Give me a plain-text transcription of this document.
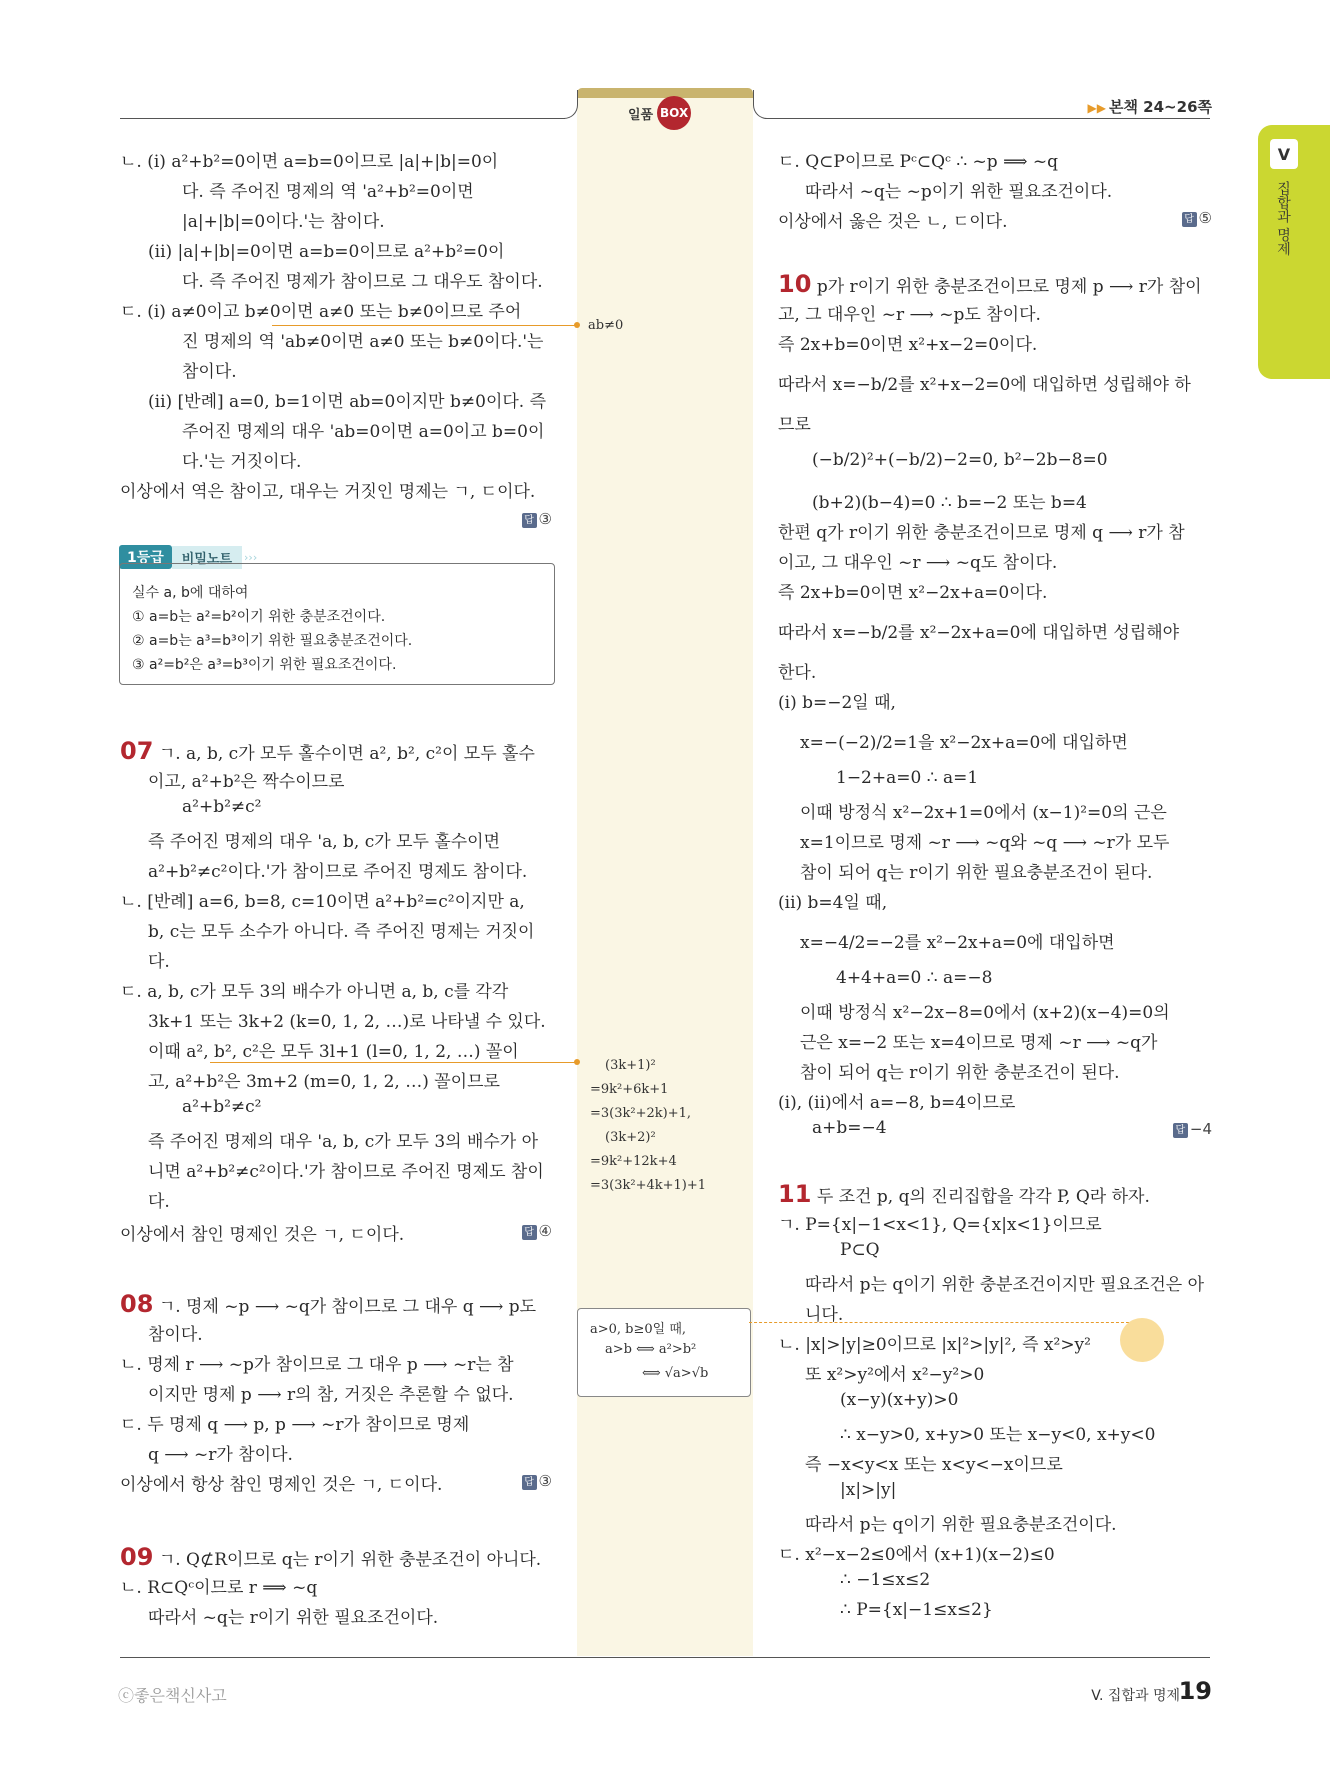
일품 BOX	▶▶ 본책 24~26쪽
V
집합과 명제
ㄴ. (i) a²+b²=0이면 a=b=0이므로 |a|+|b|=0이
다. 즉 주어진 명제의 역 'a²+b²=0이면
|a|+|b|=0이다.'는 참이다.
(ii) |a|+|b|=0이면 a=b=0이므로 a²+b²=0이
다. 즉 주어진 명제가 참이므로 그 대우도 참이다.
ㄷ. (i) a≠0이고 b≠0이면 a≠0 또는 b≠0이므로 주어
진 명제의 역 'ab≠0이면 a≠0 또는 b≠0이다.'는
참이다.
(ii) [반례] a=0, b=1이면 ab=0이지만 b≠0이다. 즉
주어진 명제의 대우 'ab=0이면 a=0이고 b=0이
다.'는 거짓이다.
이상에서 역은 참이고, 대우는 거짓인 명제는 ㄱ, ㄷ이다.
답 ③
ab≠0
1등급	비밀노트	›››
실수 a, b에 대하여
① a=b는 a²=b²이기 위한 충분조건이다.
② a=b는 a³=b³이기 위한 필요충분조건이다.
③ a²=b²은 a³=b³이기 위한 필요조건이다.
07 ㄱ. a, b, c가 모두 홀수이면 a², b², c²이 모두 홀수
이고, a²+b²은 짝수이므로
a²+b²≠c²
즉 주어진 명제의 대우 'a, b, c가 모두 홀수이면
a²+b²≠c²이다.'가 참이므로 주어진 명제도 참이다.
ㄴ. [반례] a=6, b=8, c=10이면 a²+b²=c²이지만 a,
b, c는 모두 소수가 아니다. 즉 주어진 명제는 거짓이
다.
ㄷ. a, b, c가 모두 3의 배수가 아니면 a, b, c를 각각
3k+1 또는 3k+2 (k=0, 1, 2, …)로 나타낼 수 있다.
이때 a², b², c²은 모두 3l+1 (l=0, 1, 2, …) 꼴이
고, a²+b²은 3m+2 (m=0, 1, 2, …) 꼴이므로
a²+b²≠c²
즉 주어진 명제의 대우 'a, b, c가 모두 3의 배수가 아
니면 a²+b²≠c²이다.'가 참이므로 주어진 명제도 참이
다.
이상에서 참인 명제인 것은 ㄱ, ㄷ이다.	답 ④
(3k+1)²
=9k²+6k+1
=3(3k²+2k)+1,
(3k+2)²
=9k²+12k+4
=3(3k²+4k+1)+1
08 ㄱ. 명제 ~p ⟶ ~q가 참이므로 그 대우 q ⟶ p도
참이다.
ㄴ. 명제 r ⟶ ~p가 참이므로 그 대우 p ⟶ ~r는 참
이지만 명제 p ⟶ r의 참, 거짓은 추론할 수 없다.
ㄷ. 두 명제 q ⟶ p, p ⟶ ~r가 참이므로 명제
q ⟶ ~r가 참이다.
이상에서 항상 참인 명제인 것은 ㄱ, ㄷ이다.	답 ③
09 ㄱ. Q⊄R이므로 q는 r이기 위한 충분조건이 아니다.
ㄴ. R⊂Qᶜ이므로 r ⟹ ~q
따라서 ~q는 r이기 위한 필요조건이다.
a>0, b≥0일 때,
a>b ⟺ a²>b²
⟺ √a>√b
ㄷ. Q⊂P이므로 Pᶜ⊂Qᶜ ∴ ~p ⟹ ~q
따라서 ~q는 ~p이기 위한 필요조건이다.
이상에서 옳은 것은 ㄴ, ㄷ이다.	답 ⑤
10 p가 r이기 위한 충분조건이므로 명제 p ⟶ r가 참이
고, 그 대우인 ~r ⟶ ~p도 참이다.
즉 2x+b=0이면 x²+x−2=0이다.
따라서 x=−b/2를 x²+x−2=0에 대입하면 성립해야 하
므로
(−b/2)²+(−b/2)−2=0, b²−2b−8=0
(b+2)(b−4)=0 ∴ b=−2 또는 b=4
한편 q가 r이기 위한 충분조건이므로 명제 q ⟶ r가 참
이고, 그 대우인 ~r ⟶ ~q도 참이다.
즉 2x+b=0이면 x²−2x+a=0이다.
따라서 x=−b/2를 x²−2x+a=0에 대입하면 성립해야
한다.
(i) b=−2일 때,
x=−(−2)/2=1을 x²−2x+a=0에 대입하면
1−2+a=0 ∴ a=1
이때 방정식 x²−2x+1=0에서 (x−1)²=0의 근은
x=1이므로 명제 ~r ⟶ ~q와 ~q ⟶ ~r가 모두
참이 되어 q는 r이기 위한 필요충분조건이 된다.
(ii) b=4일 때,
x=−4/2=−2를 x²−2x+a=0에 대입하면
4+4+a=0 ∴ a=−8
이때 방정식 x²−2x−8=0에서 (x+2)(x−4)=0의
근은 x=−2 또는 x=4이므로 명제 ~r ⟶ ~q가
참이 되어 q는 r이기 위한 충분조건이 된다.
(i), (ii)에서 a=−8, b=4이므로
a+b=−4	답 −4
11 두 조건 p, q의 진리집합을 각각 P, Q라 하자.
ㄱ. P={x|−1<x<1}, Q={x|x<1}이므로
P⊂Q
따라서 p는 q이기 위한 충분조건이지만 필요조건은 아
니다.
ㄴ. |x|>|y|≥0이므로 |x|²>|y|², 즉 x²>y²
또 x²>y²에서 x²−y²>0
(x−y)(x+y)>0
∴ x−y>0, x+y>0 또는 x−y<0, x+y<0
즉 −x<y<x 또는 x<y<−x이므로
|x|>|y|
따라서 p는 q이기 위한 필요충분조건이다.
ㄷ. x²−x−2≤0에서 (x+1)(x−2)≤0
∴ −1≤x≤2
∴ P={x|−1≤x≤2}
ⓒ좋은책신사고	V. 집합과 명제
19
